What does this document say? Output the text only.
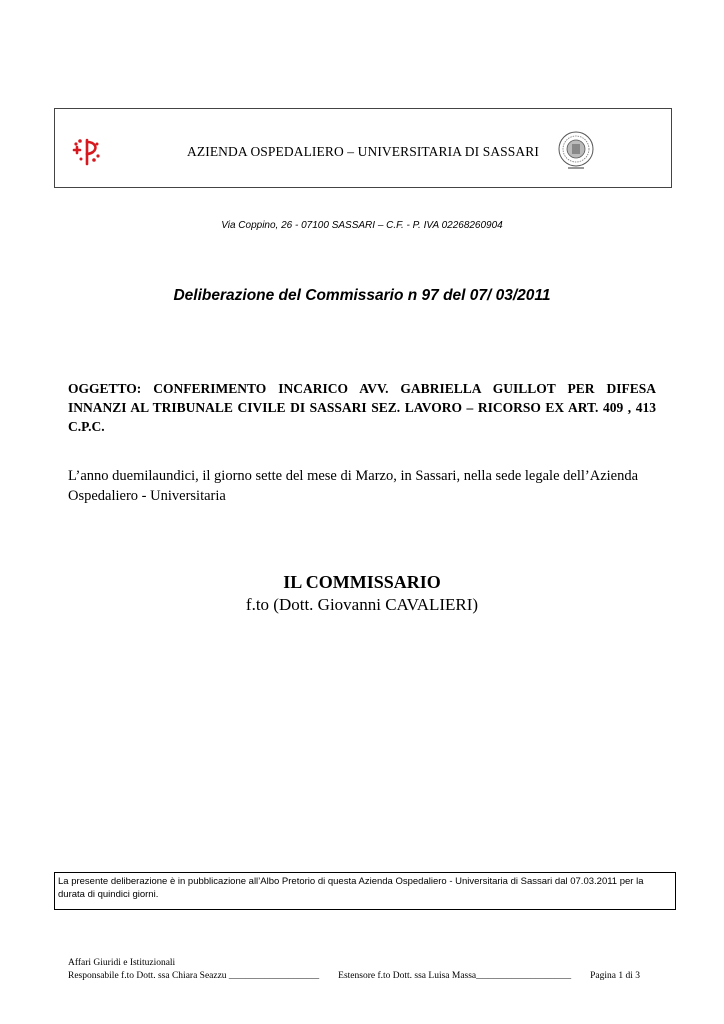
AZIENDA OSPEDALIERO – UNIVERSITARIA DI SASSARI
Via Coppino, 26 - 07100 SASSARI – C.F. - P. IVA 02268260904
Deliberazione del Commissario n 97 del 07/ 03/2011
OGGETTO: CONFERIMENTO INCARICO AVV. GABRIELLA GUILLOT PER DIFESA INNANZI AL TRIBUNALE CIVILE DI SASSARI SEZ. LAVORO – RICORSO EX ART. 409 , 413 C.P.C.
L’anno duemilaundici, il giorno sette del mese di Marzo, in Sassari, nella sede legale dell’Azienda Ospedaliero - Universitaria
IL COMMISSARIO
f.to (Dott. Giovanni CAVALIERI)
La presente deliberazione è in pubblicazione all’Albo Pretorio di questa Azienda Ospedaliero - Universitaria di Sassari dal 07.03.2011 per la durata di quindici giorni.
Affari Giuridi e Istituzionali
Responsabile f.to Dott. ssa Chiara Seazzu ___________________ Estensore f.to Dott. ssa Luisa Massa____________________ Pagina 1 di 3
